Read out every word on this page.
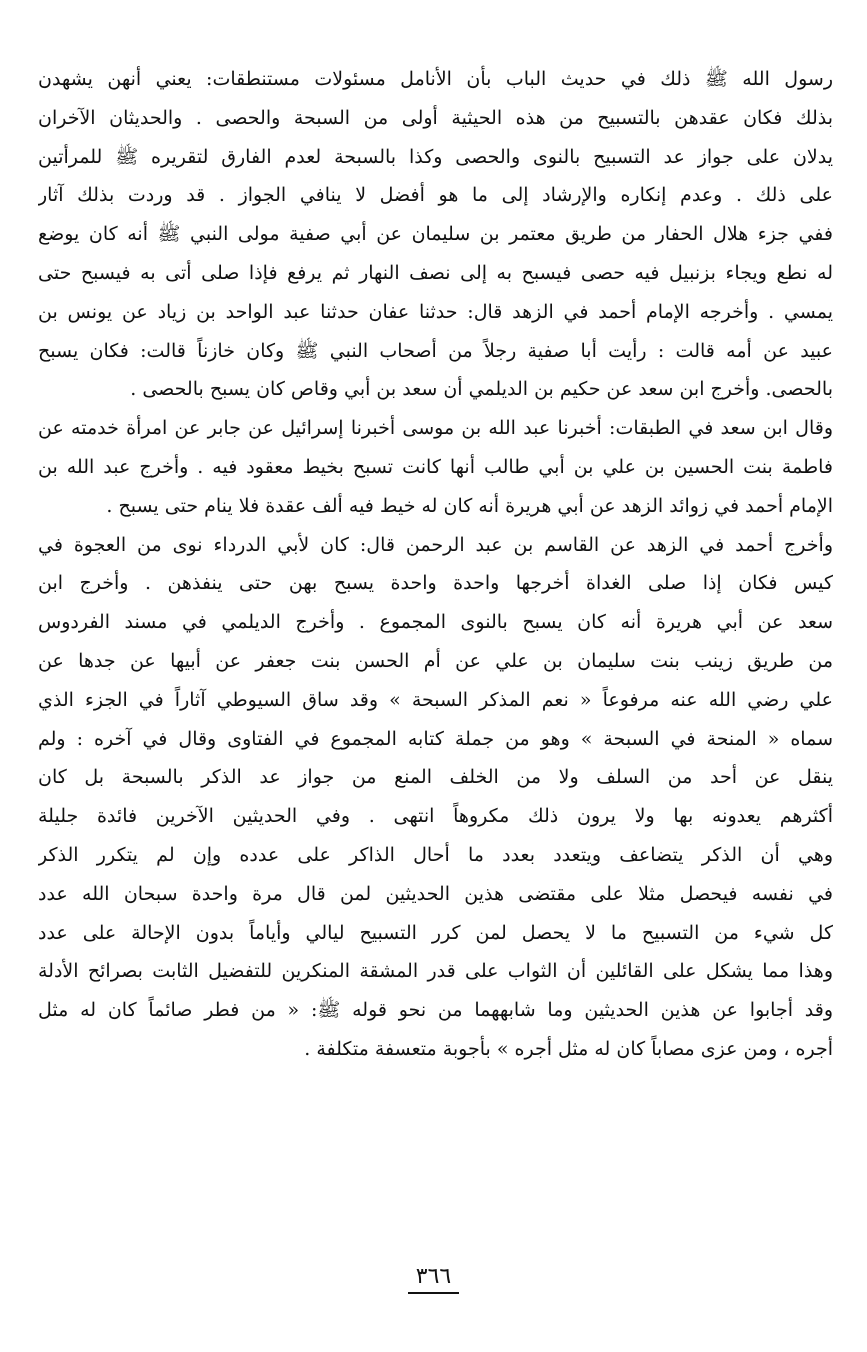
رسول الله ﷺ ذلك في حديث الباب بأن الأنامل مسئولات مستنطقات: يعني أنهن يشهدن
بذلك فكان عقدهن بالتسبيح من هذه الحيثية أولى من السبحة والحصى . والحديثان الآخران
يدلان على جواز عد التسبيح بالنوى والحصى وكذا بالسبحة لعدم الفارق لتقريره ﷺ للمرأتين
على ذلك . وعدم إنكاره والإرشاد إلى ما هو أفضل لا ينافي الجواز . قد وردت بذلك آثار
ففي جزء هلال الحفار من طريق معتمر بن سليمان عن أبي صفية مولى النبي ﷺ أنه كان يوضع
له نطع ويجاء بزنبيل فيه حصى فيسبح به إلى نصف النهار ثم يرفع فإذا صلى أتى به فيسبح حتى
يمسي . وأخرجه الإمام أحمد في الزهد قال: حدثنا عفان حدثنا عبد الواحد بن زياد عن يونس بن
عبيد عن أمه قالت : رأيت أبا صفية رجلاً من أصحاب النبي ﷺ وكان خازناً قالت: فكان يسبح
بالحصى. وأخرج ابن سعد عن حكيم بن الديلمي أن سعد بن أبي وقاص كان يسبح بالحصى .
وقال ابن سعد في الطبقات: أخبرنا عبد الله بن موسى أخبرنا إسرائيل عن جابر عن امرأة خدمته عن
فاطمة بنت الحسين بن علي بن أبي طالب أنها كانت تسبح بخيط معقود فيه . وأخرج عبد الله بن
الإمام أحمد في زوائد الزهد عن أبي هريرة أنه كان له خيط فيه ألف عقدة فلا ينام حتى يسبح .
وأخرج أحمد في الزهد عن القاسم بن عبد الرحمن قال: كان لأبي الدرداء نوى من العجوة في
كيس فكان إذا صلى الغداة أخرجها واحدة واحدة يسبح بهن حتى ينفذهن . وأخرج ابن
سعد عن أبي هريرة أنه كان يسبح بالنوى المجموع . وأخرج الديلمي في مسند الفردوس
من طريق زينب بنت سليمان بن علي عن أم الحسن بنت جعفر عن أبيها عن جدها عن
علي رضي الله عنه مرفوعاً « نعم المذكر السبحة » وقد ساق السيوطي آثاراً في الجزء الذي
سماه « المنحة في السبحة » وهو من جملة كتابه المجموع في الفتاوى وقال في آخره : ولم
ينقل عن أحد من السلف ولا من الخلف المنع من جواز عد الذكر بالسبحة بل كان
أكثرهم يعدونه بها ولا يرون ذلك مكروهاً انتهى . وفي الحديثين الآخرين فائدة جليلة
وهي أن الذكر يتضاعف ويتعدد بعدد ما أحال الذاكر على عدده وإن لم يتكرر الذكر
في نفسه فيحصل مثلا على مقتضى هذين الحديثين لمن قال مرة واحدة سبحان الله عدد
كل شيء من التسبيح ما لا يحصل لمن كرر التسبيح ليالي وأياماً بدون الإحالة على عدد
وهذا مما يشكل على القائلين أن الثواب على قدر المشقة المنكرين للتفضيل الثابت بصرائح الأدلة
وقد أجابوا عن هذين الحديثين وما شابههما من نحو قوله ﷺ: « من فطر صائماً كان له مثل
أجره ، ومن عزى مصاباً كان له مثل أجره » بأجوبة متعسفة متكلفة .
٣٦٦
